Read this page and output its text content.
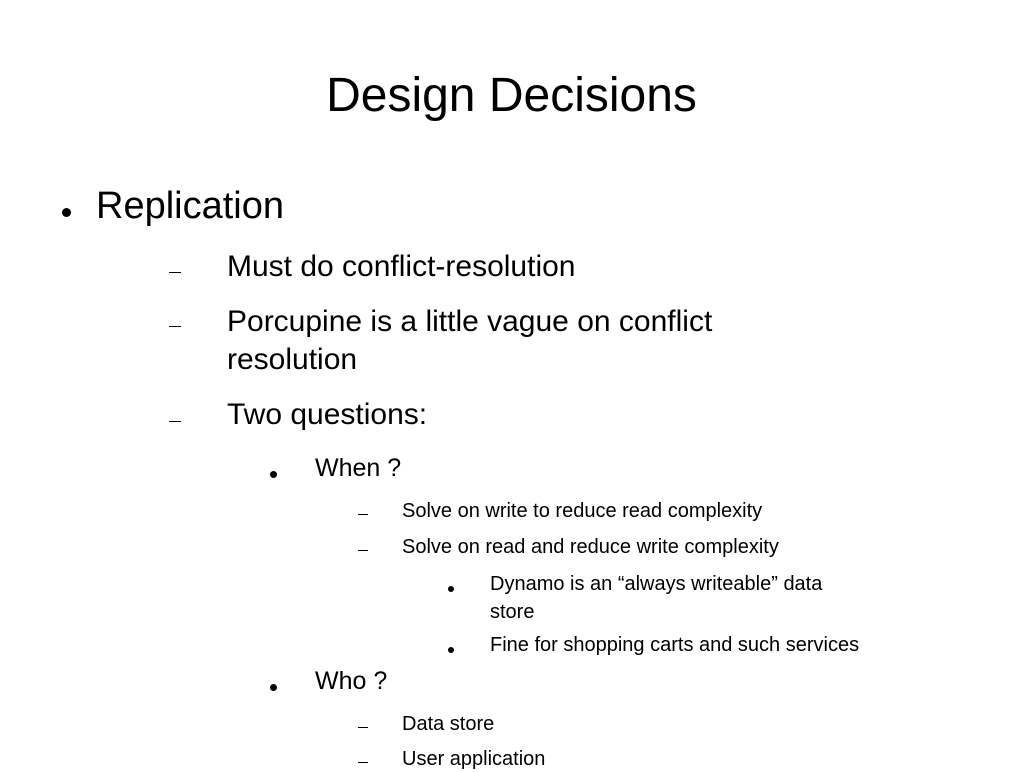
Design Decisions
Replication
Must do conflict-resolution
Porcupine is a little vague on conflict
resolution
Two questions:
When ?
Solve on write to reduce read complexity
Solve on read and reduce write complexity
Dynamo is an “always writeable” data
store
Fine for shopping carts and such services
Who ?
Data store
User application
